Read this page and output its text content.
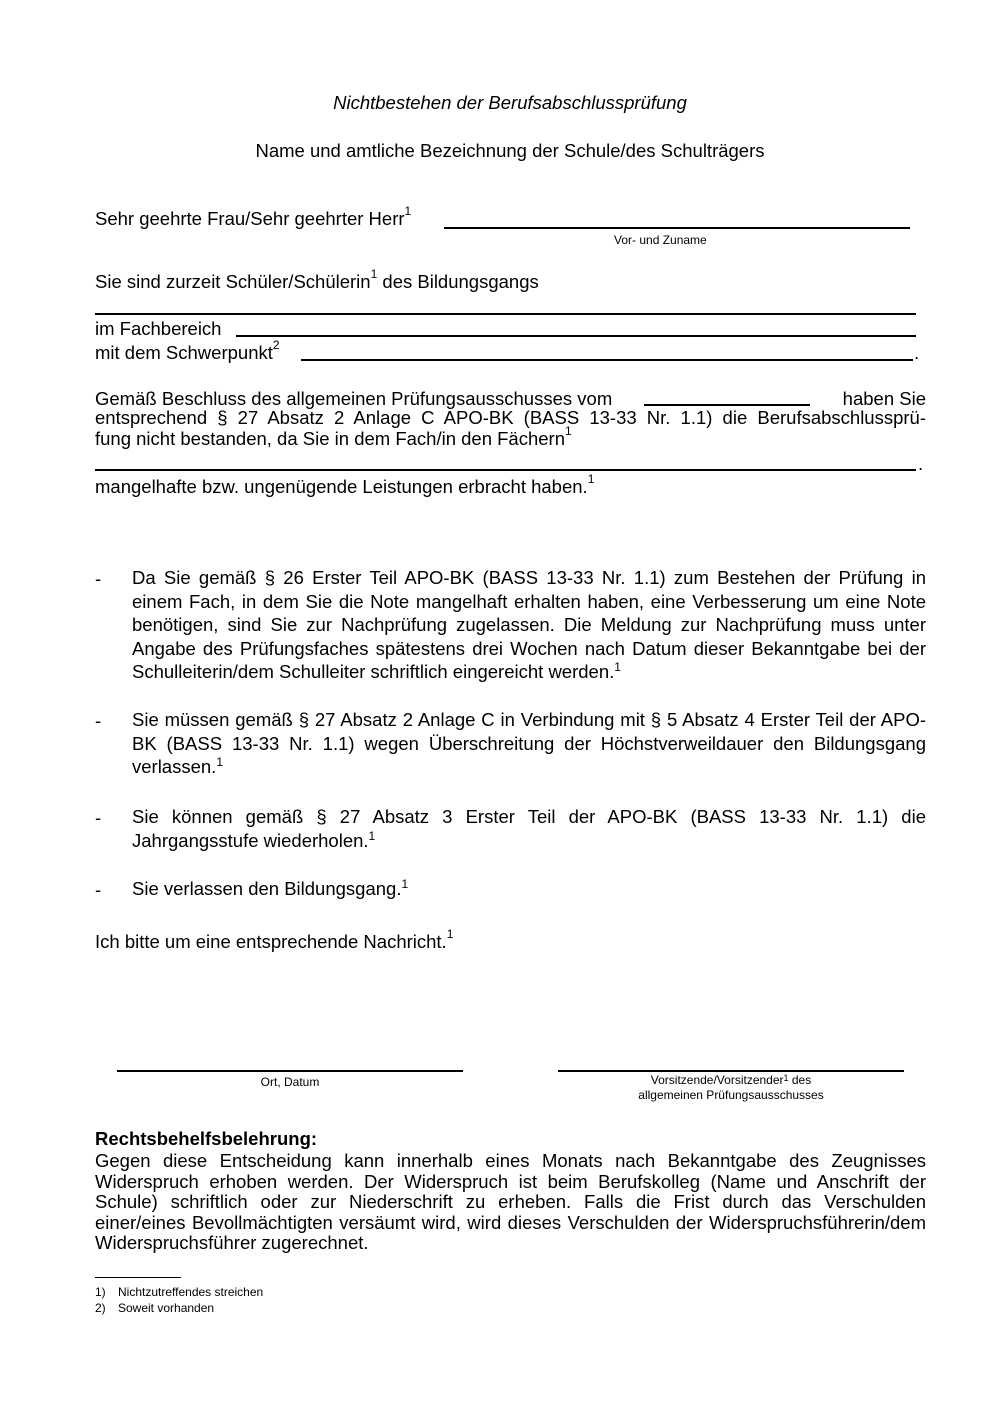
Nichtbestehen der Berufsabschlussprüfung
Name und amtliche Bezeichnung der Schule/des Schulträgers
Sehr geehrte Frau/Sehr geehrter Herr$^1$
Vor- und Zuname
Sie sind zurzeit Schüler/Schülerin$^1$ des Bildungsgangs
im Fachbereich
mit dem Schwerpunkt$^2$	.
Gemäß Beschluss des allgemeinen Prüfungsausschusses vom	haben Sie
entsprechend § 27 Absatz 2 Anlage C APO-BK (BASS 13-33 Nr. 1.1) die Berufsabschlussprü-
fung nicht bestanden, da Sie in dem Fach/in den Fächern$^1$
.
mangelhafte bzw. ungenügende Leistungen erbracht haben.$^1$
- Da Sie gemäß § 26 Erster Teil APO-BK (BASS 13-33 Nr. 1.1) zum Bestehen der Prüfung in einem Fach, in dem Sie die Note mangelhaft erhalten haben, eine Verbesserung um eine Note benötigen, sind Sie zur Nachprüfung zugelassen. Die Meldung zur Nachprüfung muss unter Angabe des Prüfungsfaches spätestens drei Wochen nach Datum dieser Bekanntgabe bei der Schulleiterin/dem Schulleiter schriftlich eingereicht werden.$^1$
- Sie müssen gemäß § 27 Absatz 2 Anlage C in Verbindung mit § 5 Absatz 4 Erster Teil der APO-BK (BASS 13-33 Nr. 1.1) wegen Überschreitung der Höchstverweildauer den Bildungsgang verlassen.$^1$
- Sie können gemäß § 27 Absatz 3 Erster Teil der APO-BK (BASS 13-33 Nr. 1.1) die Jahrgangsstufe wiederholen.$^1$
- Sie verlassen den Bildungsgang.$^1$
Ich bitte um eine entsprechende Nachricht.$^1$
Ort, Datum	Vorsitzende/Vorsitzender$^1$ des
allgemeinen Prüfungsausschusses
Rechtsbehelfsbelehrung:
Gegen diese Entscheidung kann innerhalb eines Monats nach Bekanntgabe des Zeugnisses Widerspruch erhoben werden. Der Widerspruch ist beim Berufskolleg (Name und Anschrift der Schule) schriftlich oder zur Niederschrift zu erheben. Falls die Frist durch das Verschulden einer/eines Bevollmächtigten versäumt wird, wird dieses Verschulden der Widerspruchsführerin/dem Widerspruchsführer zugerechnet.
1) Nichtzutreffendes streichen
2) Soweit vorhanden
